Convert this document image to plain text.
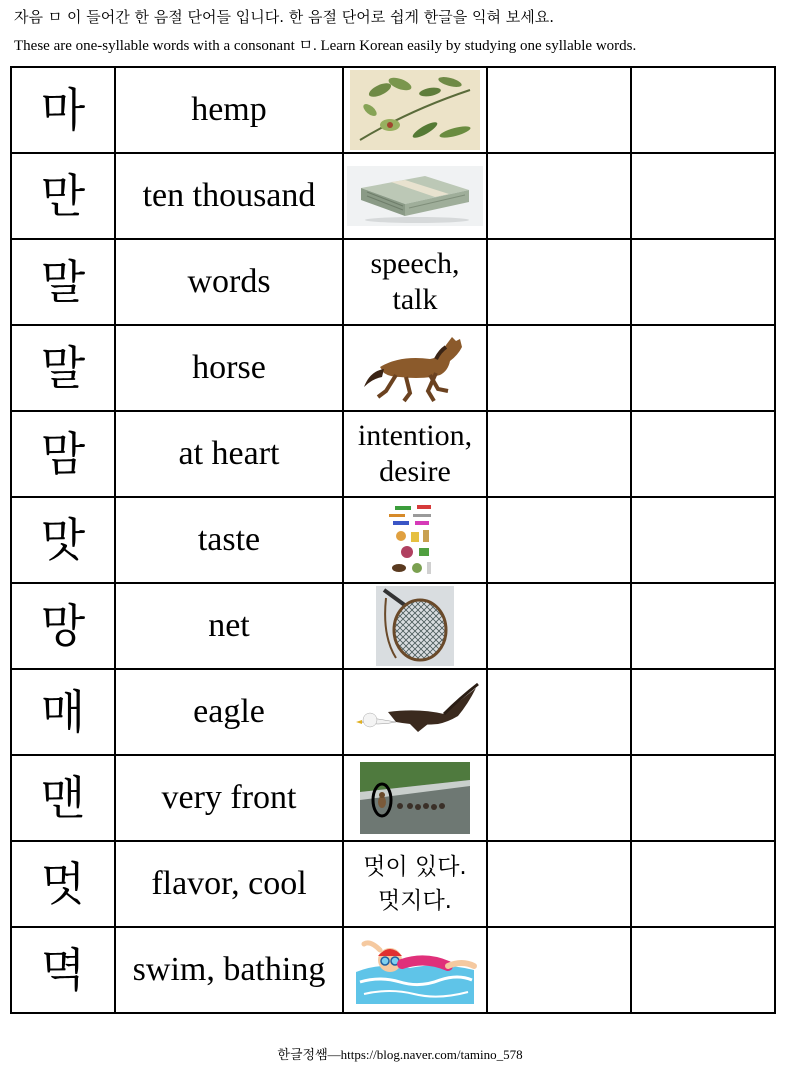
자음 ㅁ 이 들어간 한 음절 단어들 입니다. 한 음절 단어로 쉽게 한글을 익혀 보세요.
These are one-syllable words with a consonant ㅁ. Learn Korean easily by studying one syllable words.
마	hemp			
만	ten thousand			
말	words	speech,
talk		

말	horse			
맘	at heart	intention,
desire		

맛	taste			
망	net			
매	eagle			
맨	very front			
멋	flavor, cool	멋이 있다.
멋지다.		

멱	swim, bathing			
한글정쌤—https://blog.naver.com/tamino_578
